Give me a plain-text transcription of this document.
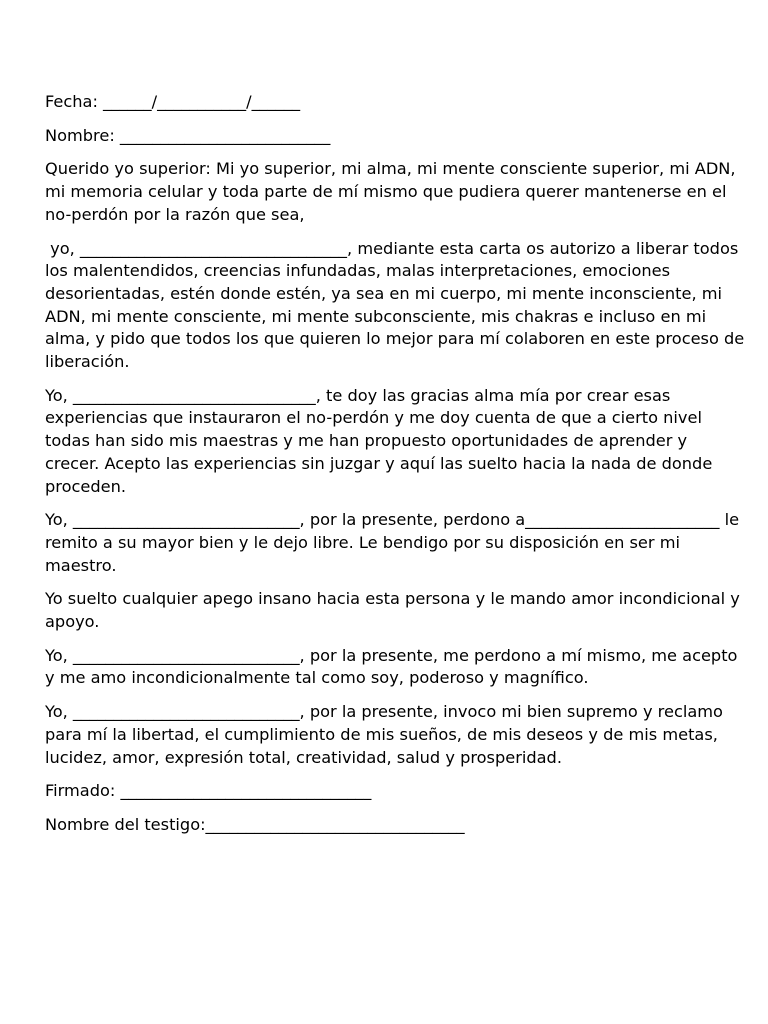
Fecha: ______/___________/______

Nombre: __________________________

Querido yo superior: Mi yo superior, mi alma, mi mente consciente superior, mi ADN, mi memoria celular y toda parte de mí mismo que pudiera querer mantenerse en el no-perdón por la razón que sea,

yo, _________________________________, mediante esta carta os autorizo a liberar todos los malentendidos, creencias infundadas, malas interpretaciones, emociones desorientadas, estén donde estén, ya sea en mi cuerpo, mi mente inconsciente, mi ADN, mi mente consciente, mi mente subconsciente, mis chakras e incluso en mi alma, y pido que todos los que quieren lo mejor para mí colaboren en este proceso de liberación.

Yo, ______________________________, te doy las gracias alma mía por crear esas experiencias que instauraron el no-perdón y me doy cuenta de que a cierto nivel todas han sido mis maestras y me han propuesto oportunidades de aprender y crecer. Acepto las experiencias sin juzgar y aquí las suelto hacia la nada de donde proceden.

Yo, ____________________________, por la presente, perdono a________________________ le remito a su mayor bien y le dejo libre. Le bendigo por su disposición en ser mi maestro.

Yo suelto cualquier apego insano hacia esta persona y le mando amor incondicional y apoyo.

Yo, ____________________________, por la presente, me perdono a mí mismo, me acepto y me amo incondicionalmente tal como soy, poderoso y magnífico.

Yo, ____________________________, por la presente, invoco mi bien supremo y reclamo para mí la libertad, el cumplimiento de mis sueños, de mis deseos y de mis metas, lucidez, amor, expresión total, creatividad, salud y prosperidad.

Firmado: _______________________________

Nombre del testigo:________________________________
